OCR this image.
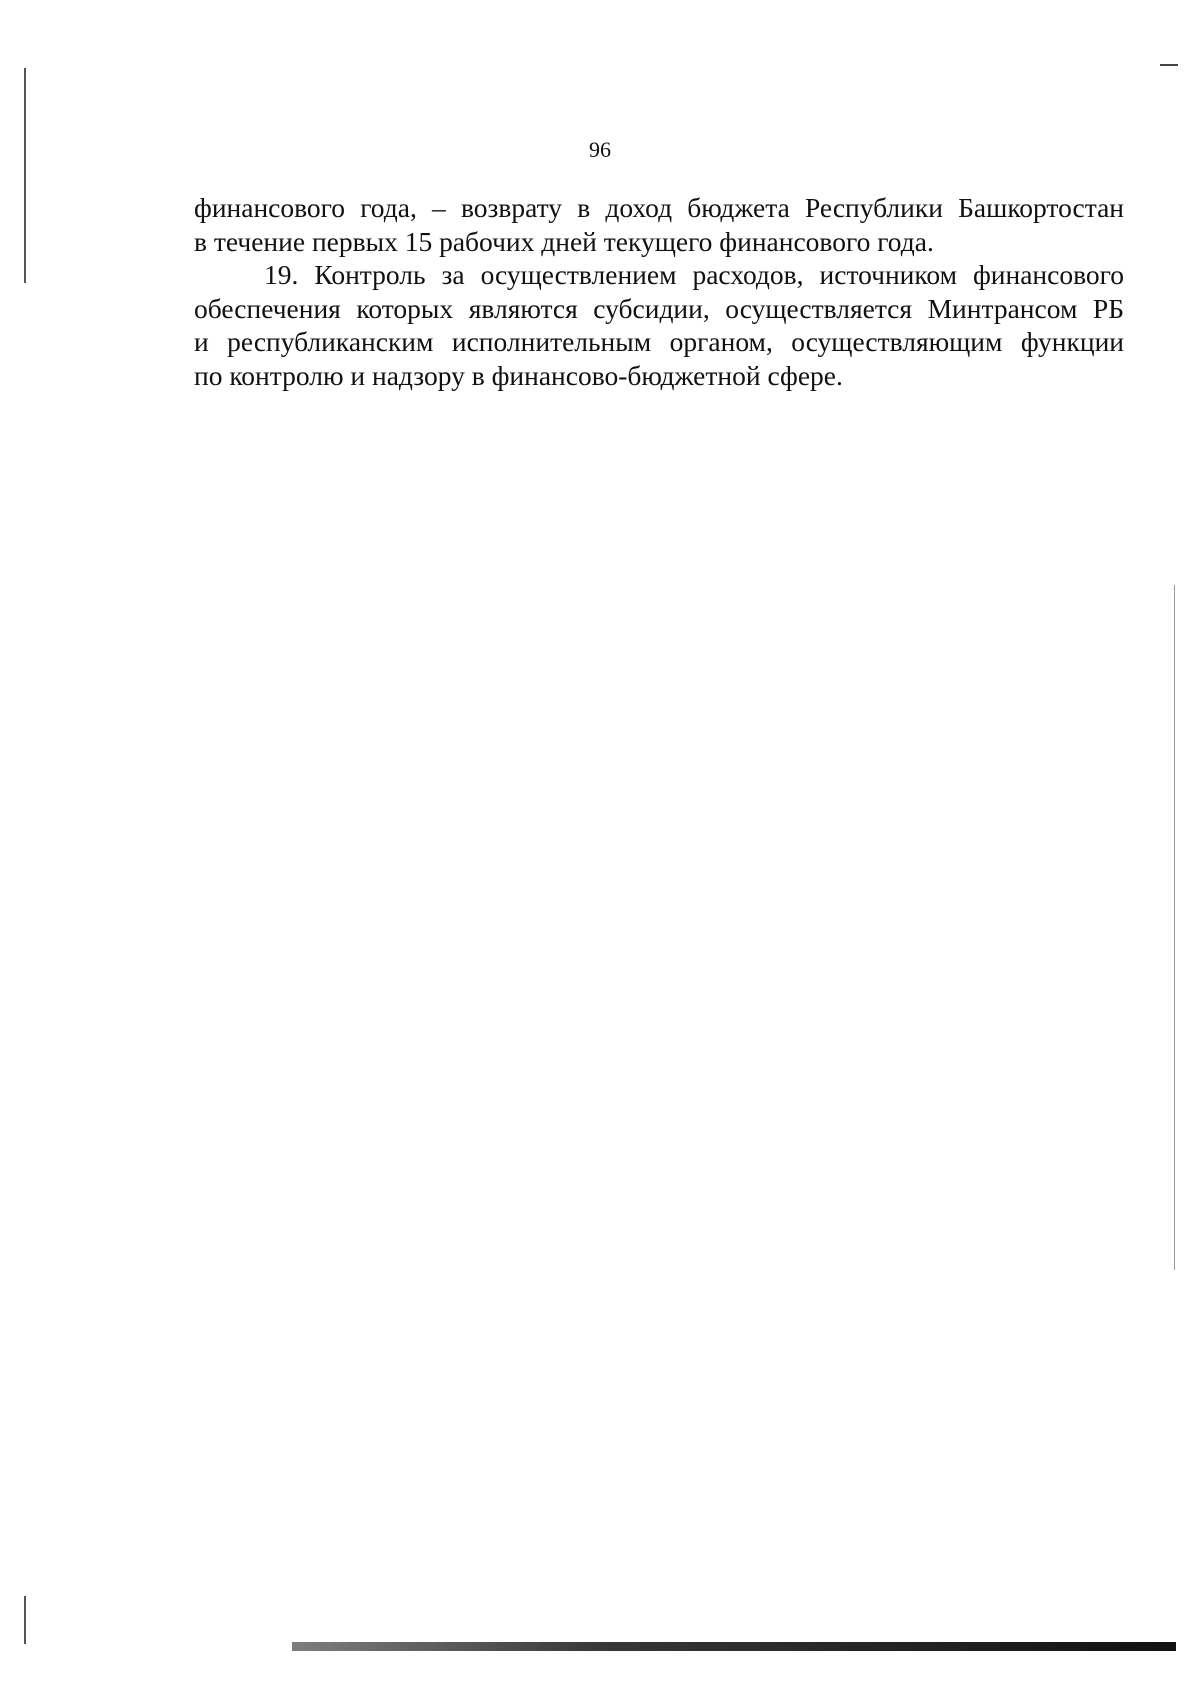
96

финансового года, – возврату в доход бюджета Республики Башкортостан
в течение первых 15 рабочих дней текущего финансового года.

19. Контроль за осуществлением расходов, источником финансового
обеспечения которых являются субсидии, осуществляется Минтрансом РБ
и республиканским исполнительным органом, осуществляющим функции
по контролю и надзору в финансово-бюджетной сфере.
